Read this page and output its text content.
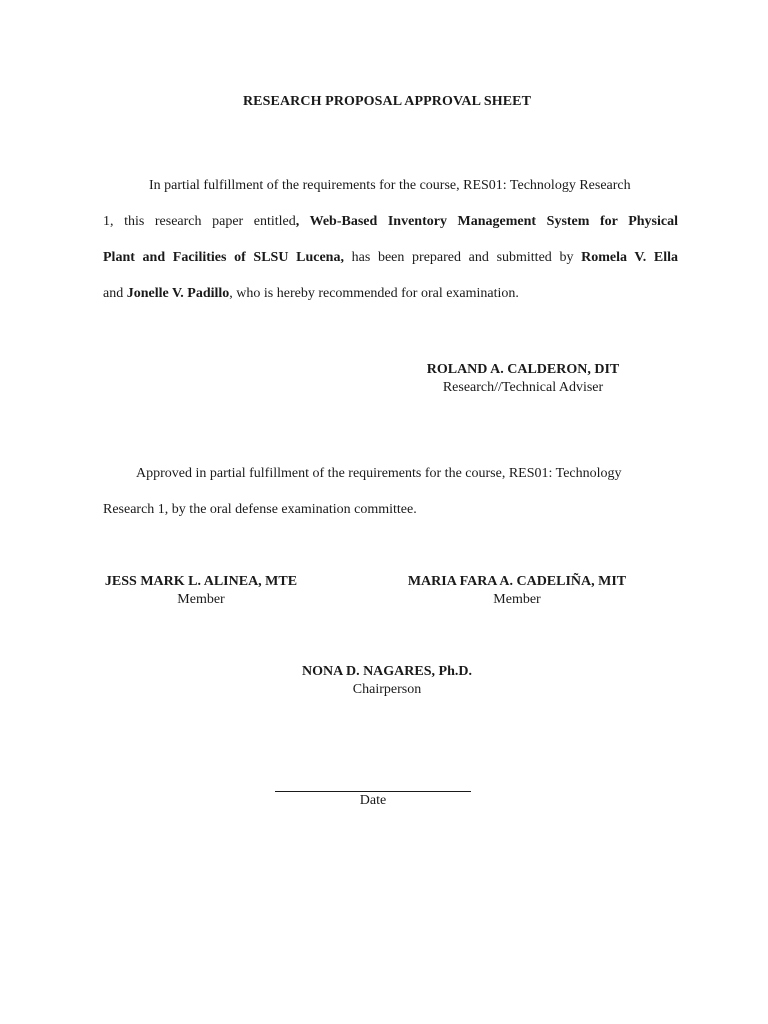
RESEARCH PROPOSAL APPROVAL SHEET
In partial fulfillment of the requirements for the course, RES01: Technology Research
1, this research paper entitled, Web-Based Inventory Management System for Physical
Plant and Facilities of SLSU Lucena, has been prepared and submitted by Romela V. Ella
and Jonelle V. Padillo, who is hereby recommended for oral examination.
ROLAND A. CALDERON, DIT
Research//Technical Adviser
Approved in partial fulfillment of the requirements for the course, RES01: Technology
Research 1, by the oral defense examination committee.
JESS MARK L. ALINEA, MTE
Member
MARIA FARA A. CADELIÑA, MIT
Member
NONA D. NAGARES, Ph.D.
Chairperson
Date
